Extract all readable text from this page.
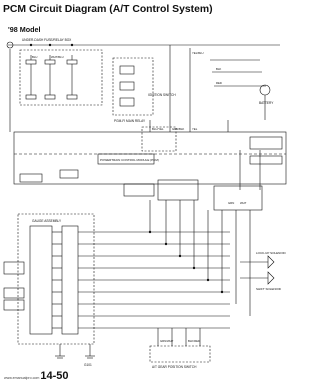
PCM Circuit Diagram (A/T Control System)
'98 Model
UNDER-DASH FUSE/RELAY BOX
IGNITION SWITCH
PGM-FI MAIN RELAY
BATTERY
POWERTRAIN CONTROL MODULE (PCM)
GAUGE ASSEMBLY
LOCK-UP SOLENOID
SHIFT SOLENOID
A/T GEAR POSITION SWITCH
G101
BLU	WHT/BLU
YEL/BLU
BLK
RED
BLU/YEL	GRN/BLK	YEL
GRN WHT
GRN/WHT	BLK/RED
www.emanualpro.com14-50
